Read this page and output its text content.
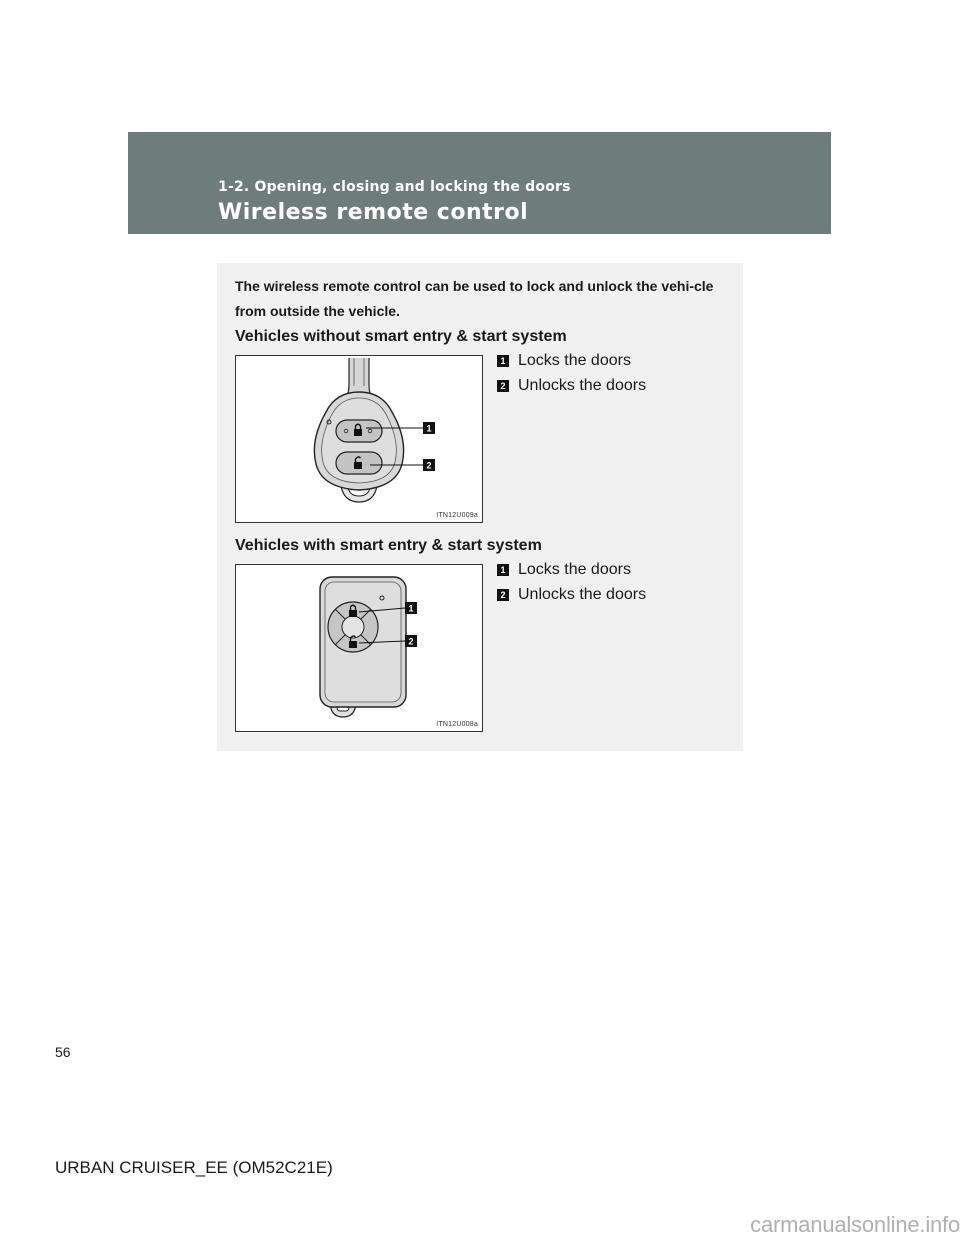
1-2. Opening, closing and locking the doors
Wireless remote control
The wireless remote control can be used to lock and unlock the vehi-cle from outside the vehicle.
Vehicles without smart entry & start system
1
2
ITN12U009a
1 Locks the doors
2 Unlocks the doors
Vehicles with smart entry & start system
1
2
ITN12U008a
1 Locks the doors
2 Unlocks the doors
56
URBAN CRUISER_EE (OM52C21E)
carmanualsonline.info
